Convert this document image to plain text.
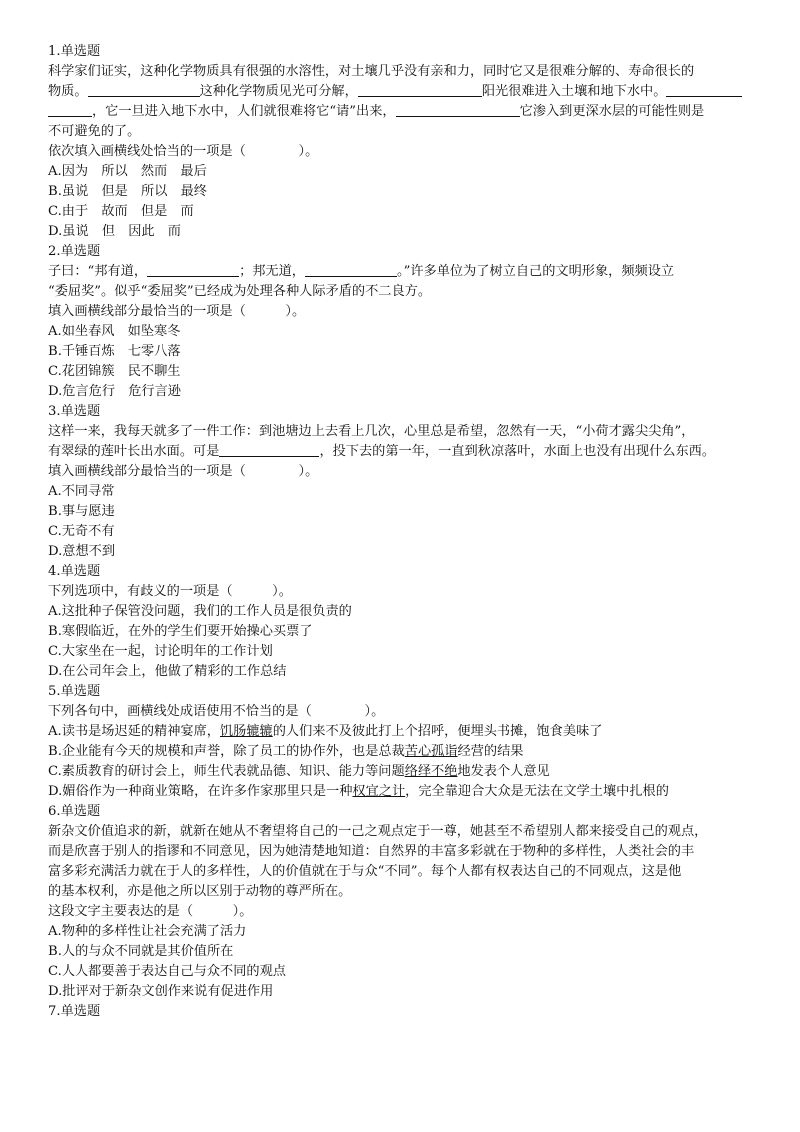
1.单选题

科学家们证实，这种化学物质具有很强的水溶性，对土壤几乎没有亲和力，同时它又是很难分解的、寿命很长的

物质。	这种化学物质见光可分解，	阳光很难进入土壤和地下水中。

，它一旦进入地下水中，人们就很难将它“请”出来，	它渗入到更深水层的可能性则是

不可避免的了。

依次填入画横线处恰当的一项是（　　　　）。

A.因为　所以　然而　最后

B.虽说　但是　所以　最终

C.由于　故而　但是　而

D.虽说　但　因此　而

2.单选题

子曰：“邦有道，	；邦无道，	。”许多单位为了树立自己的文明形象，频频设立

“委屈奖”。似乎“委屈奖”已经成为处理各种人际矛盾的不二良方。

填入画横线部分最恰当的一项是（　　　）。

A.如坐春风　如坠寒冬

B.千锤百炼　七零八落

C.花团锦簇　民不聊生

D.危言危行　危行言逊

3.单选题

这样一来，我每天就多了一件工作：到池塘边上去看上几次，心里总是希望，忽然有一天，“小荷才露尖尖角”，

有翠绿的莲叶长出水面。可是	，投下去的第一年，一直到秋凉落叶，水面上也没有出现什么东西。

填入画横线部分最恰当的一项是（　　　　）。

A.不同寻常

B.事与愿违

C.无奇不有

D.意想不到

4.单选题

下列选项中，有歧义的一项是（　　　）。

A.这批种子保管没问题，我们的工作人员是很负责的

B.寒假临近，在外的学生们要开始操心买票了

C.大家坐在一起，讨论明年的工作计划

D.在公司年会上，他做了精彩的工作总结

5.单选题

下列各句中，画横线处成语使用不恰当的是（　　　　）。

A.读书是场迟延的精神宴席，饥肠辘辘的人们来不及彼此打上个招呼，便埋头书摊，饱食美味了

B.企业能有今天的规模和声誉，除了员工的协作外，也是总裁苦心孤诣经营的结果

C.素质教育的研讨会上，师生代表就品德、知识、能力等问题络绎不绝地发表个人意见

D.媚俗作为一种商业策略，在许多作家那里只是一种权宜之计，完全靠迎合大众是无法在文学土壤中扎根的

6.单选题

新杂文价值追求的新，就新在她从不奢望将自己的一己之观点定于一尊，她甚至不希望别人都来接受自己的观点，

而是欣喜于别人的指谬和不同意见，因为她清楚地知道：自然界的丰富多彩就在于物种的多样性，人类社会的丰

富多彩充满活力就在于人的多样性，人的价值就在于与众“不同”。每个人都有权表达自己的不同观点，这是他

的基本权利，亦是他之所以区别于动物的尊严所在。

这段文字主要表达的是（　　　）。

A.物种的多样性让社会充满了活力

B.人的与众不同就是其价值所在

C.人人都要善于表达自己与众不同的观点

D.批评对于新杂文创作来说有促进作用

7.单选题
